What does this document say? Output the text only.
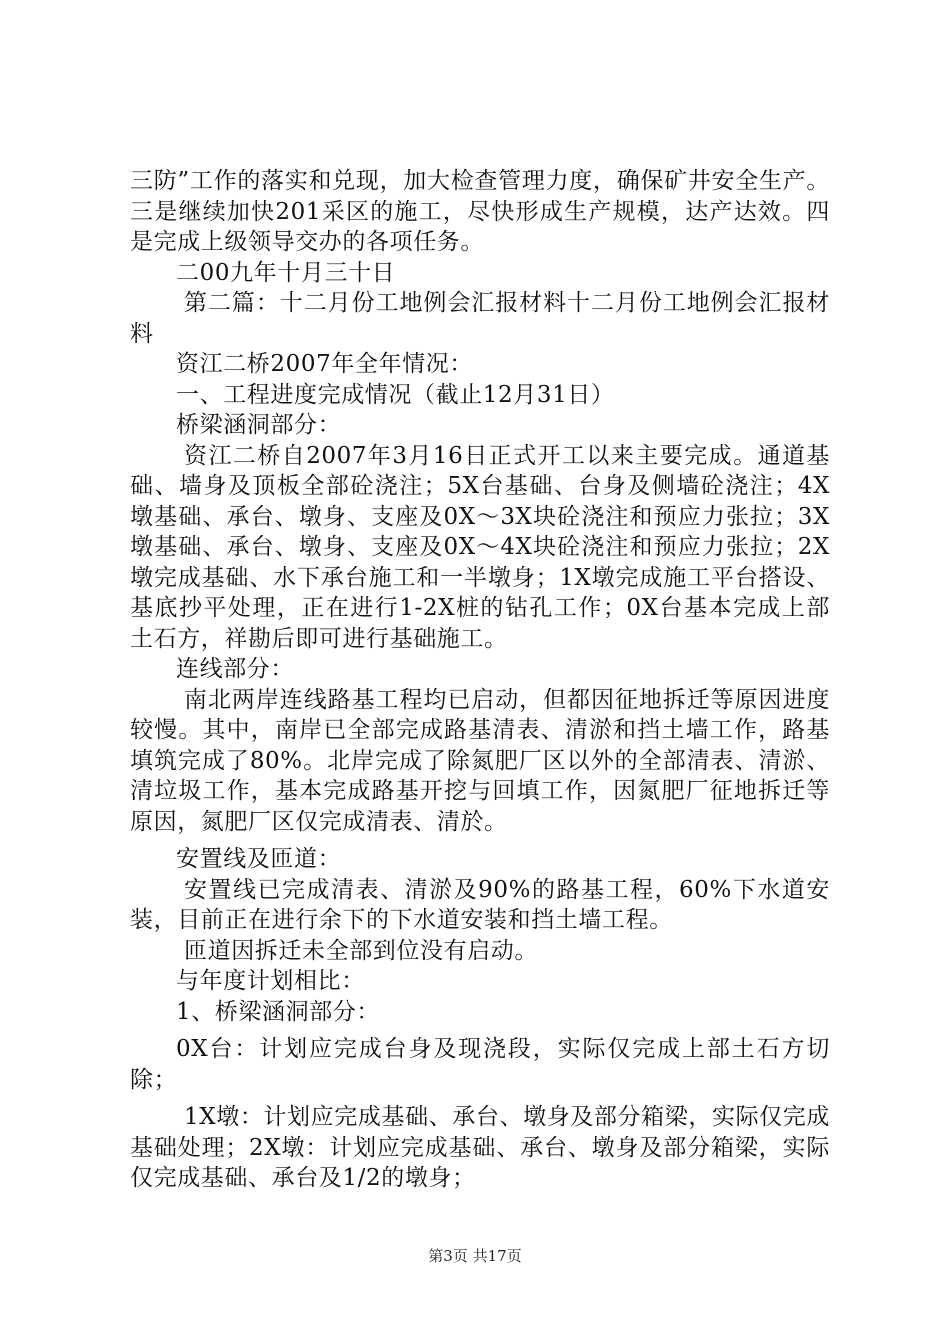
三防”工作的落实和兑现，加大检查管理力度，确保矿井安全生产。三是继续加快201采区的施工，尽快形成生产规模，达产达效。四是完成上级领导交办的各项任务。

二00九年十月三十日

第二篇：十二月份工地例会汇报材料十二月份工地例会汇报材料

资江二桥2007年全年情况：

一、工程进度完成情况（截止12月31日）

桥梁涵洞部分：

资江二桥自2007年3月16日正式开工以来主要完成。通道基础、墙身及顶板全部砼浇注；5X台基础、台身及侧墙砼浇注；4X墩基础、承台、墩身、支座及0X～3X块砼浇注和预应力张拉；3X墩基础、承台、墩身、支座及0X～4X块砼浇注和预应力张拉；2X墩完成基础、水下承台施工和一半墩身；1X墩完成施工平台搭设、基底抄平处理，正在进行1-2X桩的钻孔工作；0X台基本完成上部土石方，祥勘后即可进行基础施工。

连线部分：

南北两岸连线路基工程均已启动，但都因征地拆迁等原因进度较慢。其中，南岸已全部完成路基清表、清淤和挡土墙工作，路基填筑完成了80%。北岸完成了除氮肥厂区以外的全部清表、清淤、清垃圾工作，基本完成路基开挖与回填工作，因氮肥厂征地拆迁等原因，氮肥厂区仅完成清表、清於。

安置线及匝道：

安置线已完成清表、清淤及90%的路基工程，60%下水道安装，目前正在进行余下的下水道安装和挡土墙工程。

匝道因拆迁未全部到位没有启动。

与年度计划相比：

1、桥梁涵洞部分：

0X台：计划应完成台身及现浇段，实际仅完成上部土石方切除；

1X墩：计划应完成基础、承台、墩身及部分箱梁，实际仅完成基础处理；2X墩：计划应完成基础、承台、墩身及部分箱梁，实际仅完成基础、承台及1/2的墩身；

第3页 共17页
